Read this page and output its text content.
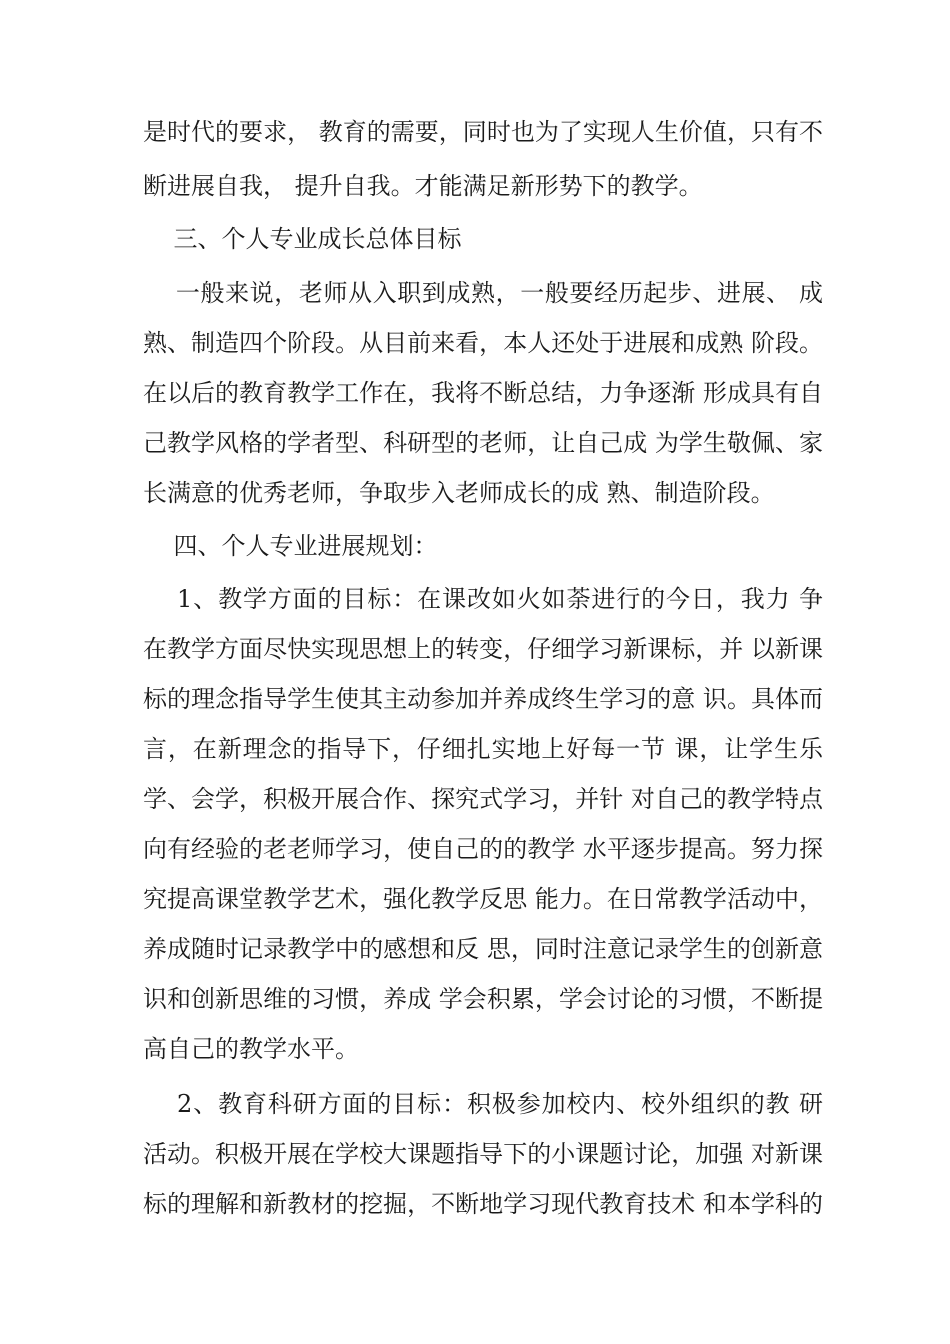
是时代的要求， 教育的需要，同时也为了实现人生价值，只有不
断进展自我， 提升自我。才能满足新形势下的教学。
三、个人专业成长总体目标
一般来说，老师从入职到成熟，一般要经历起步、进展、 成
熟、制造四个阶段。从目前来看，本人还处于进展和成熟 阶段。
在以后的教育教学工作在，我将不断总结，力争逐渐 形成具有自
己教学风格的学者型、科研型的老师，让自己成 为学生敬佩、家
长满意的优秀老师，争取步入老师成长的成 熟、制造阶段。
四、个人专业进展规划：
1、教学方面的目标：在课改如火如荼进行的今日，我力 争
在教学方面尽快实现思想上的转变，仔细学习新课标，并 以新课
标的理念指导学生使其主动参加并养成终生学习的意 识。具体而
言，在新理念的指导下，仔细扎实地上好每一节 课，让学生乐
学、会学，积极开展合作、探究式学习，并针 对自己的教学特点
向有经验的老老师学习，使自己的的教学 水平逐步提高。努力探
究提高课堂教学艺术，强化教学反思 能力。在日常教学活动中，
养成随时记录教学中的感想和反 思，同时注意记录学生的创新意
识和创新思维的习惯，养成 学会积累，学会讨论的习惯，不断提
高自己的教学水平。
2、教育科研方面的目标：积极参加校内、校外组织的教 研
活动。积极开展在学校大课题指导下的小课题讨论，加强 对新课
标的理解和新教材的挖掘，不断地学习现代教育技术 和本学科的
